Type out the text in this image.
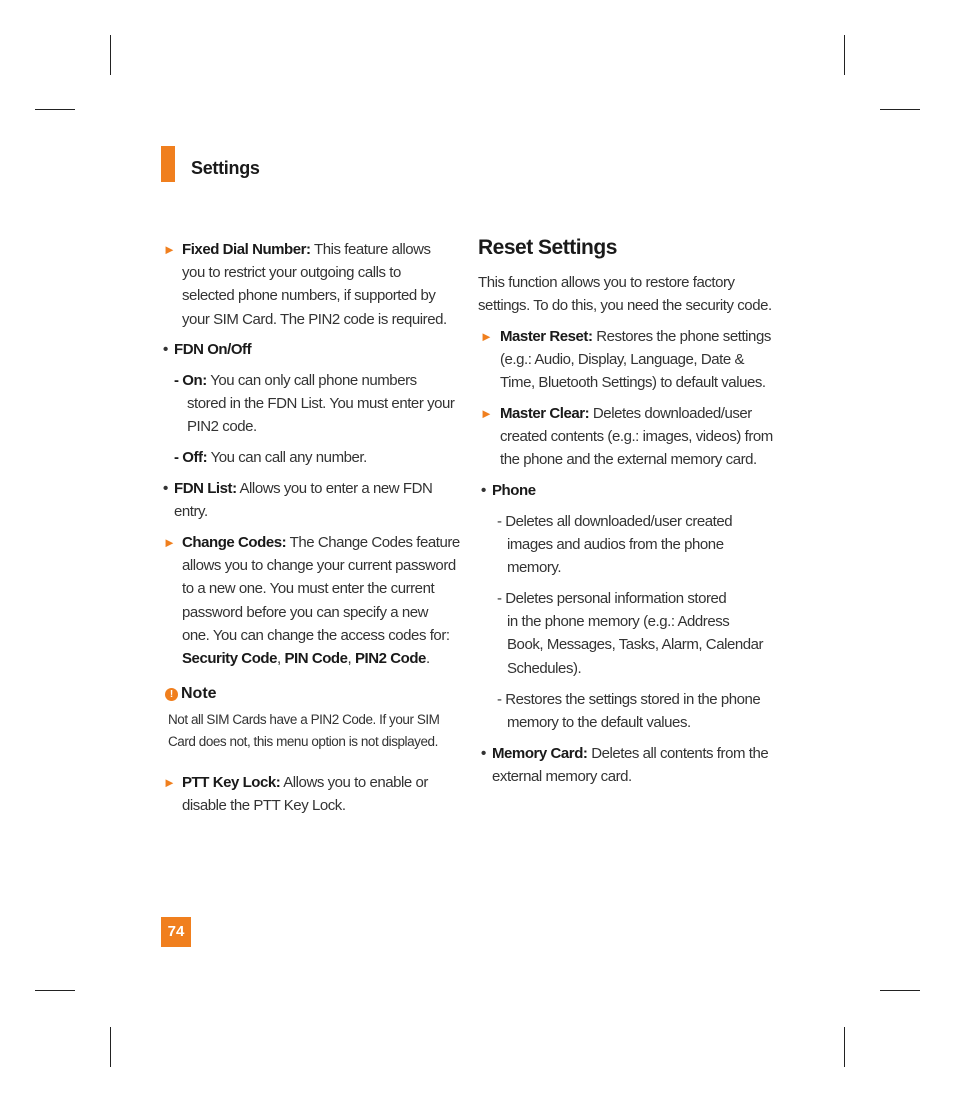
Settings
► Fixed Dial Number: This feature allows
you to restrict your outgoing calls to
selected phone numbers, if supported by
your SIM Card. The PIN2 code is required.
• FDN On/Off
- On: You can only call phone numbers
stored in the FDN List. You must enter your
PIN2 code.
- Off: You can call any number.
• FDN List: Allows you to enter a new FDN
entry.
► Change Codes: The Change Codes feature
allows you to change your current password
to a new one. You must enter the current
password before you can specify a new
one. You can change the access codes for:
Security Code, PIN Code, PIN2 Code.
! Note
Not all SIM Cards have a PIN2 Code. If your SIM
Card does not, this menu option is not displayed.
► PTT Key Lock: Allows you to enable or
disable the PTT Key Lock.
Reset Settings
This function allows you to restore factory
settings. To do this, you need the security code.
► Master Reset: Restores the phone settings
(e.g.: Audio, Display, Language, Date &
Time, Bluetooth Settings) to default values.
► Master Clear: Deletes downloaded/user
created contents (e.g.: images, videos) from
the phone and the external memory card.
• Phone
- Deletes all downloaded/user created
images and audios from the phone
memory.
- Deletes personal information stored
in the phone memory (e.g.: Address
Book, Messages, Tasks, Alarm, Calendar
Schedules).
- Restores the settings stored in the phone
memory to the default values.
• Memory Card: Deletes all contents from the
external memory card.
74
